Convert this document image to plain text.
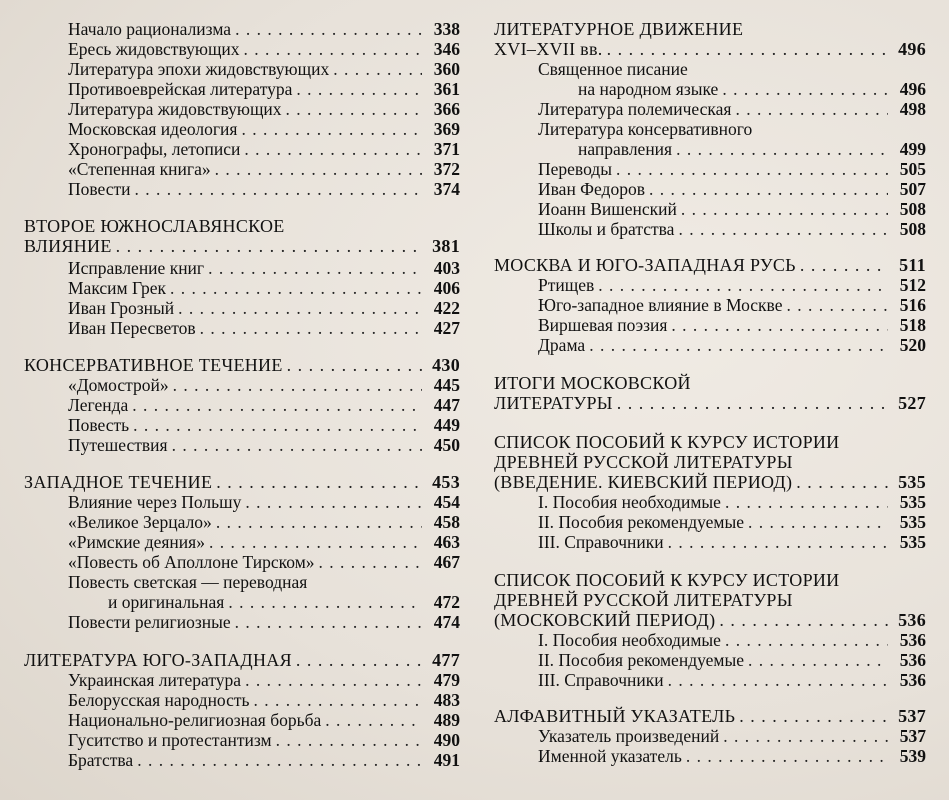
Начало рационализма . . .	338
Ересь жидовствующих . . .	346
Литература эпохи жидовствующих . . .	360
Противоеврейская литература . . .	361
Литература жидовствующих . . .	366
Московская идеология . . .	369
Хронографы, летописи . . .	371
«Степенная книга» . . .	372
Повести . . .	374
ВТОРОЕ ЮЖНОСЛАВЯНСКОЕ
ВЛИЯНИЕ . . .	381
Исправление книг . . .	403
Максим Грек . . .	406
Иван Грозный . . .	422
Иван Пересветов . . .	427
КОНСЕРВАТИВНОЕ ТЕЧЕНИЕ . . .	430
«Домострой» . . .	445
Легенда . . .	447
Повесть . . .	449
Путешествия . . .	450
ЗАПАДНОЕ ТЕЧЕНИЕ . . .	453
Влияние через Польшу . . .	454
«Великое Зерцало» . . .	458
«Римские деяния» . . .	463
«Повесть об Аполлоне Тирском» . . .	467
Повесть светская — переводная
и оригинальная . . .	472
Повести религиозные . . .	474
ЛИТЕРАТУРА ЮГО-ЗАПАДНАЯ . . .	477
Украинская литература . . .	479
Белорусская народность . . .	483
Национально-религиозная борьба . . .	489
Гуситство и протестантизм . . .	490
Братства . . .	491
ЛИТЕРАТУРНОЕ ДВИЖЕНИЕ
XVI–XVII вв. . . .	496
Священное писание
на народном языке . . .	496
Литература полемическая . . .	498
Литература консервативного
направления . . .	499
Переводы . . .	505
Иван Федоров . . .	507
Иоанн Вишенский . . .	508
Школы и братства . . .	508
МОСКВА И ЮГО-ЗАПАДНАЯ РУСЬ . . .	511
Ртищев . . .	512
Юго-западное влияние в Москве . . .	516
Виршевая поэзия . . .	518
Драма . . .	520
ИТОГИ МОСКОВСКОЙ
ЛИТЕРАТУРЫ . . .	527
СПИСОК ПОСОБИЙ К КУРСУ ИСТОРИИ
ДРЕВНЕЙ РУССКОЙ ЛИТЕРАТУРЫ
(ВВЕДЕНИЕ. КИЕВСКИЙ ПЕРИОД) . . .	535
I. Пособия необходимые . . .	535
II. Пособия рекомендуемые . . .	535
III. Справочники . . .	535
СПИСОК ПОСОБИЙ К КУРСУ ИСТОРИИ
ДРЕВНЕЙ РУССКОЙ ЛИТЕРАТУРЫ
(МОСКОВСКИЙ ПЕРИОД) . . .	536
I. Пособия необходимые . . .	536
II. Пособия рекомендуемые . . .	536
III. Справочники . . .	536
АЛФАВИТНЫЙ УКАЗАТЕЛЬ . . .	537
Указатель произведений . . .	537
Именной указатель . . .	539
